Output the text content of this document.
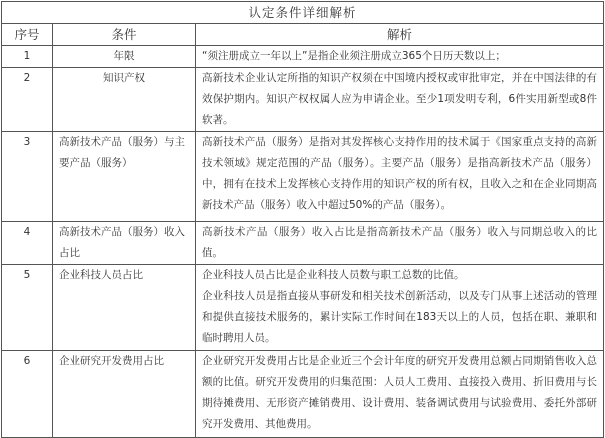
认定条件详细解析		
序号	条件	解析
1	年限	“须注册成立一年以上”是指企业须注册成立365个日历天数以上；

2	知识产权	高新技术企业认定所指的知识产权须在中国境内授权或审批审定，并在中国法律的有效保护期内。知识产权权属人应为申请企业。至少1项发明专利，6件实用新型或8件软著。

3	高新技术产品（服务）与主要产品（服务）	高新技术产品（服务）是指对其发挥核心支持作用的技术属于《国家重点支持的高新技术领域》规定范围的产品（服务）。主要产品（服务）是指高新技术产品（服务）中，拥有在技术上发挥核心支持作用的知识产权的所有权，且收入之和在企业同期高新技术产品（服务）收入中超过50%的产品（服务）。

4	高新技术产品（服务）收入占比	高新技术产品（服务）收入占比是指高新技术产品（服务）收入与同期总收入的比值。

5	企业科技人员占比	企业科技人员占比是企业科技人员数与职工总数的比值。

企业科技人员是指直接从事研发和相关技术创新活动，以及专门从事上述活动的管理和提供直接技术服务的，累计实际工作时间在183天以上的人员，包括在职、兼职和临时聘用人员。

6	企业研究开发费用占比	企业研究开发费用占比是企业近三个会计年度的研究开发费用总额占同期销售收入总额的比值。研究开发费用的归集范围：人员人工费用、直接投入费用、折旧费用与长期待摊费用、无形资产摊销费用、设计费用、装备调试费用与试验费用、委托外部研究开发费用、其他费用。
